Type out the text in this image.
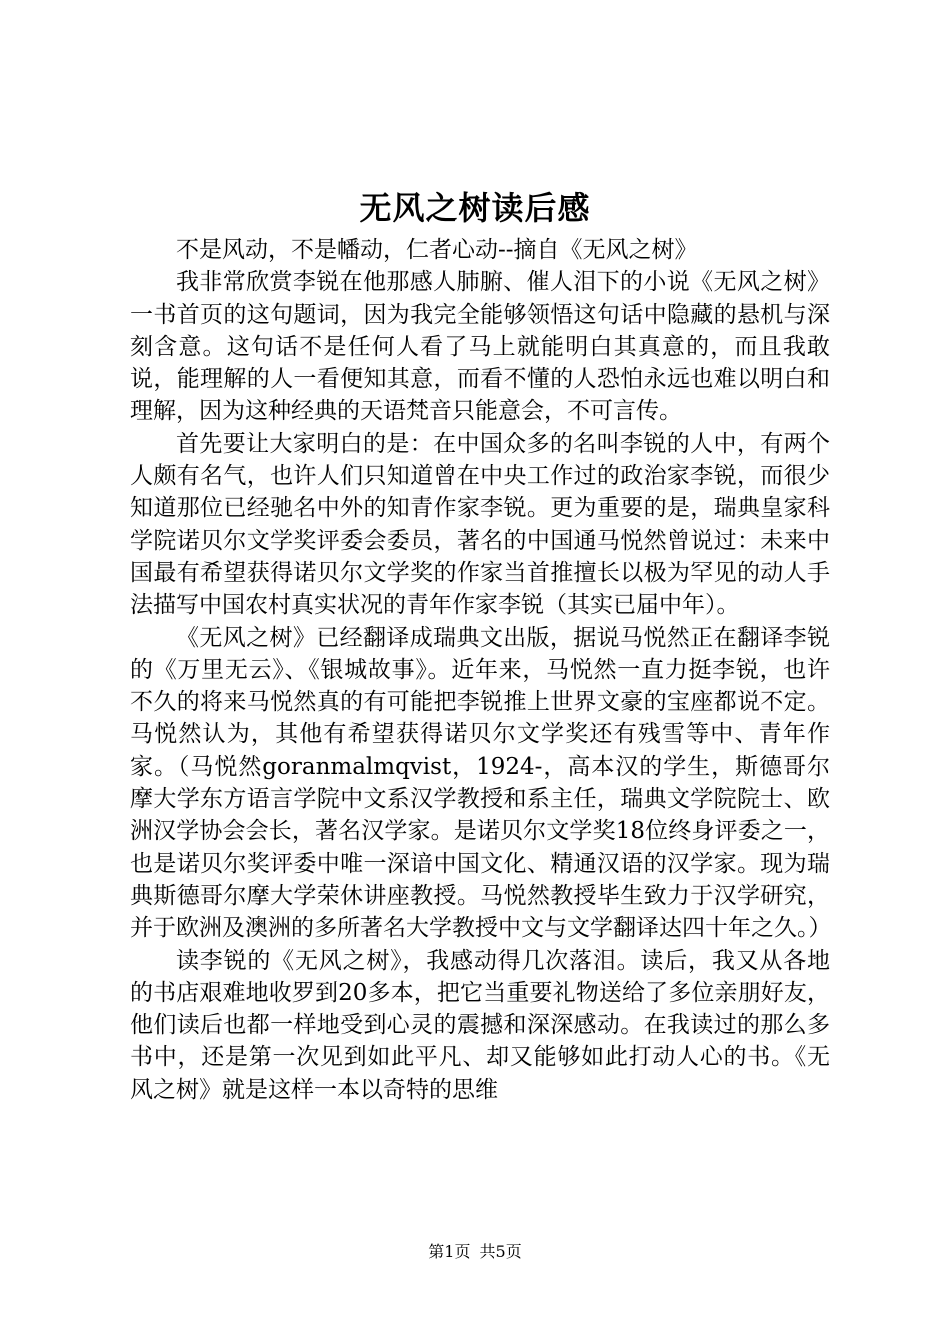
无风之树读后感

不是风动，不是幡动，仁者心动--摘自《无风之树》

我非常欣赏李锐在他那感人肺腑、催人泪下的小说《无风之树》一书首页的这句题词，因为我完全能够领悟这句话中隐藏的悬机与深刻含意。这句话不是任何人看了马上就能明白其真意的，而且我敢说，能理解的人一看便知其意，而看不懂的人恐怕永远也难以明白和理解，因为这种经典的天语梵音只能意会，不可言传。

首先要让大家明白的是：在中国众多的名叫李锐的人中，有两个人颇有名气，也许人们只知道曾在中央工作过的政治家李锐，而很少知道那位已经驰名中外的知青作家李锐。更为重要的是，瑞典皇家科学院诺贝尔文学奖评委会委员，著名的中国通马悦然曾说过：未来中国最有希望获得诺贝尔文学奖的作家当首推擅长以极为罕见的动人手法描写中国农村真实状况的青年作家李锐（其实已届中年）。

《无风之树》已经翻译成瑞典文出版，据说马悦然正在翻译李锐的《万里无云》、《银城故事》。近年来，马悦然一直力挺李锐，也许不久的将来马悦然真的有可能把李锐推上世界文豪的宝座都说不定。马悦然认为，其他有希望获得诺贝尔文学奖还有残雪等中、青年作家。（马悦然goranmalmqvist，1924-，高本汉的学生，斯德哥尔摩大学东方语言学院中文系汉学教授和系主任，瑞典文学院院士、欧洲汉学协会会长，著名汉学家。是诺贝尔文学奖18位终身评委之一，也是诺贝尔奖评委中唯一深谙中国文化、精通汉语的汉学家。现为瑞典斯德哥尔摩大学荣休讲座教授。马悦然教授毕生致力于汉学研究，并于欧洲及澳洲的多所著名大学教授中文与文学翻译达四十年之久。）

读李锐的《无风之树》，我感动得几次落泪。读后，我又从各地的书店艰难地收罗到20多本，把它当重要礼物送给了多位亲朋好友，他们读后也都一样地受到心灵的震撼和深深感动。在我读过的那么多书中，还是第一次见到如此平凡、却又能够如此打动人心的书。《无风之树》就是这样一本以奇特的思维

第1页 共5页
